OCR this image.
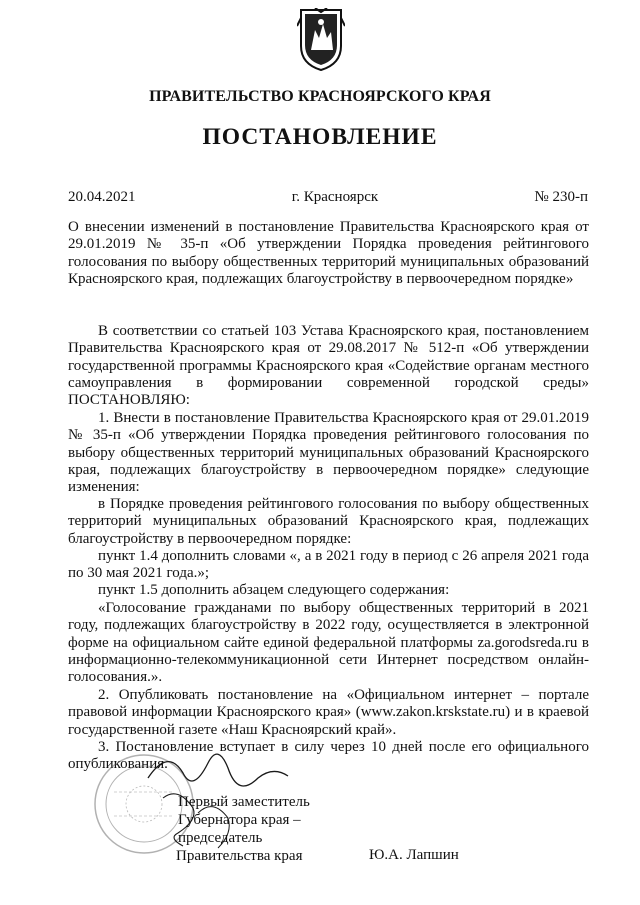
ПРАВИТЕЛЬСТВО КРАСНОЯРСКОГО КРАЯ
ПОСТАНОВЛЕНИЕ
20.04.2021	г. Красноярск	№ 230-п

О внесении изменений в постановление Правительства Красноярского края от 29.01.2019 № 35-п «Об утверждении Порядка проведения рейтингового голосования по выбору общественных территорий муниципальных образований Красноярского края, подлежащих благоустройству в первоочередном порядке»

В соответствии со статьей 103 Устава Красноярского края, постановлением Правительства Красноярского края от 29.08.2017 № 512-п «Об утверждении государственной программы Красноярского края «Содействие органам местного самоуправления в формировании современной городской среды» ПОСТАНОВЛЯЮ:

1. Внести в постановление Правительства Красноярского края от 29.01.2019 № 35-п «Об утверждении Порядка проведения рейтингового голосования по выбору общественных территорий муниципальных образований Красноярского края, подлежащих благоустройству в первоочередном порядке» следующие изменения:

в Порядке проведения рейтингового голосования по выбору общественных территорий муниципальных образований Красноярского края, подлежащих благоустройству в первоочередном порядке:

пункт 1.4 дополнить словами «, а в 2021 году в период с 26 апреля 2021 года по 30 мая 2021 года.»;

пункт 1.5 дополнить абзацем следующего содержания:

«Голосование гражданами по выбору общественных территорий в 2021 году, подлежащих благоустройству в 2022 году, осуществляется в электронной форме на официальном сайте единой федеральной платформы za.gorodsreda.ru в информационно-телекоммуникационной сети Интернет посредством онлайн-голосования.».

2. Опубликовать постановление на «Официальном интернет – портале правовой информации Красноярского края» (www.zakon.krskstate.ru) и в краевой государственной газете «Наш Красноярский край».

3. Постановление вступает в силу через 10 дней после его официального опубликования.

Первый заместитель
Губернатора края –
председатель
Правительства края	Ю.А. Лапшин
